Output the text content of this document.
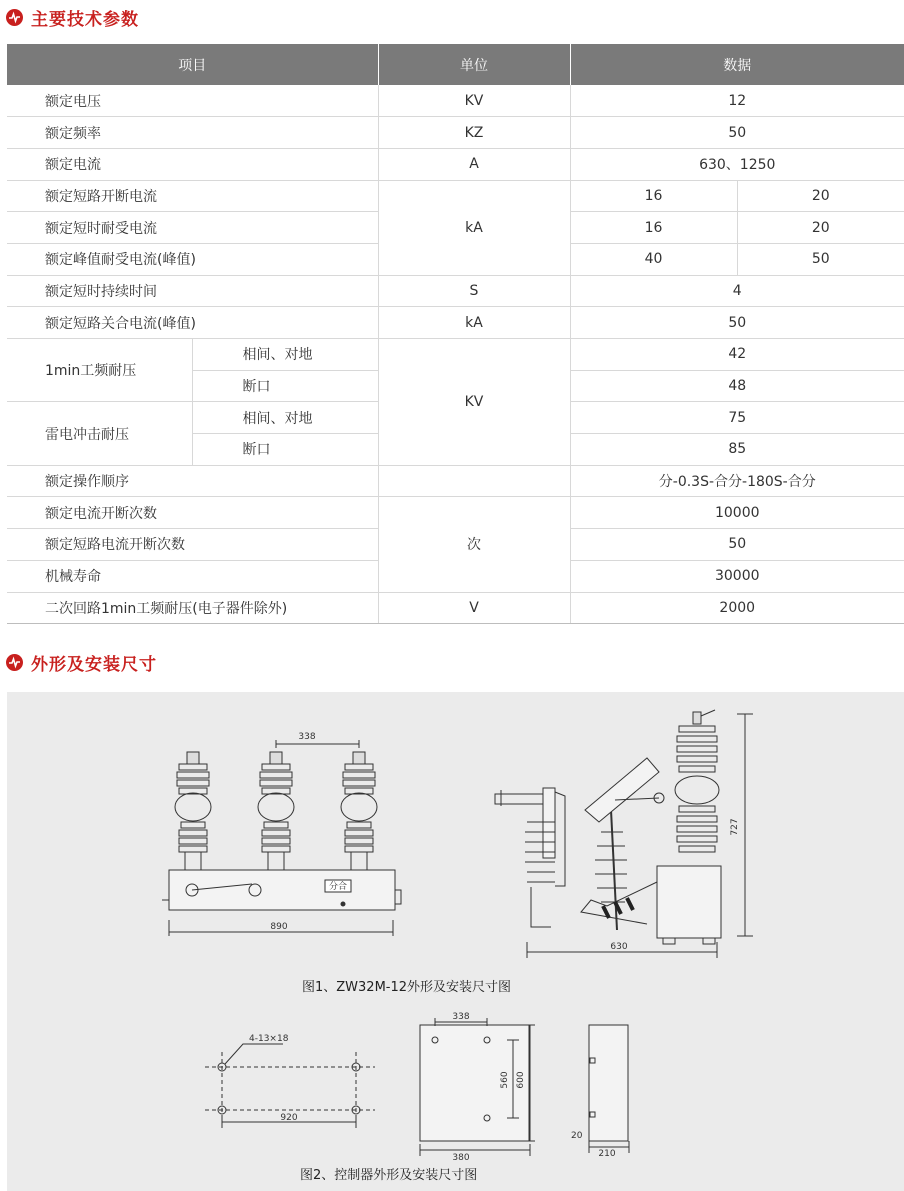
主要技术参数
项目		单位	数据	
额定电压		KV	12	
额定频率		KZ	50	
额定电流		A	630、1250	
额定短路开断电流		kA	16	20
额定短时耐受电流			16	20
额定峰值耐受电流(峰值)			40	50
额定短时持续时间		S	4	
额定短路关合电流(峰值)		kA	50	
1min工频耐压	相间、对地	KV	42	
	断口		48	
雷电冲击耐压	相间、对地		75	
	断口		85	
额定操作顺序			分-0.3S-合分-180S-合分	
额定电流开断次数		次	10000	
额定短路电流开断次数			50	
机械寿命			30000	
二次回路1min工频耐压(电子器件除外)		V	2000	
外形及安装尺寸
338
890
分合
630
727
4-13×18
920
338
560 600
380
20
210
图1、ZW32M-12外形及安装尺寸图
图2、控制器外形及安装尺寸图
